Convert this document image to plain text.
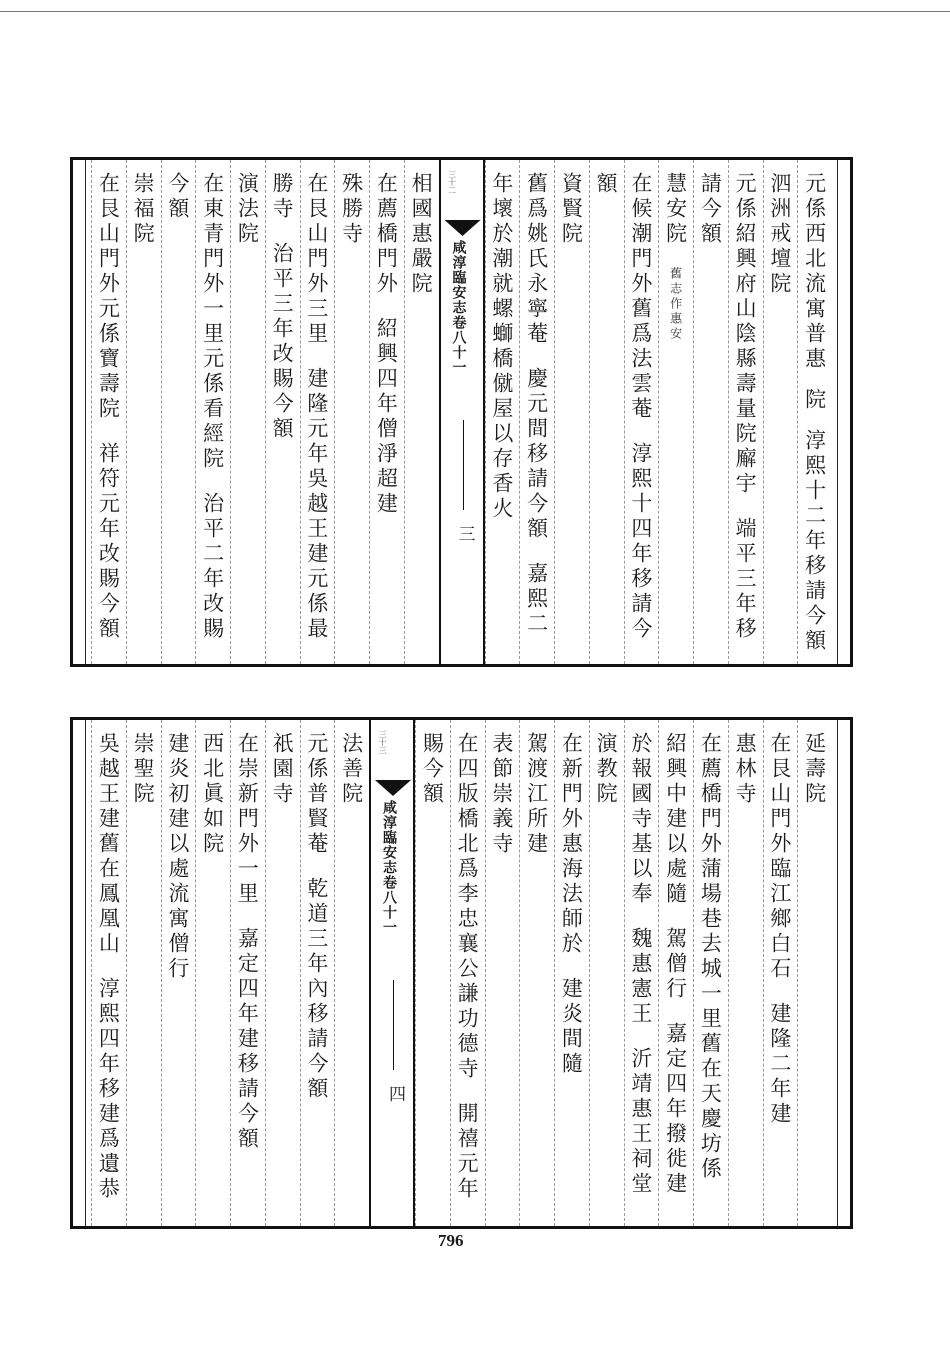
元係西北流寓普惠
院
淳熙十二年移請今額
泗洲戒壇院
元係紹興府山陰縣壽量院廨宇
端平三年移
請今額
慧安院
舊志作惠安
在候潮門外舊爲法雲菴
淳熙十四年移請今
額
資賢院
舊爲姚氏永寧菴
慶元間移請今額
嘉熙二
年壞於潮就螺螄橋僦屋以存香火
三十二
咸淳臨安志卷八十一
三
相國惠嚴院
在薦橋門外
紹興四年僧淨超建
殊勝寺
在艮山門外三里
建隆元年吳越王建元係最
勝寺
治平三年改賜今額
演法院
在東青門外一里元係看經院
治平二年改賜
今額
崇福院
在艮山門外元係寶壽院
祥符元年改賜今額
延壽院
在艮山門外臨江鄉白石
建隆二年建
惠林寺
在薦橋門外蒲場巷去城一里舊在天慶坊係
紹興中建以處隨
駕僧行
嘉定四年撥徙建
於報國寺基以奉
魏惠憲王
沂靖惠王祠堂
演教院
在新門外惠海法師於
建炎間隨
駕渡江所建
表節崇義寺
在四版橋北爲李忠襄公謙功德寺
開禧元年
賜今額
三十三
咸淳臨安志卷八十一
四
法善院
元係普賢菴
乾道三年內移請今額
祇園寺
在崇新門外一里
嘉定四年建移請今額
西北眞如院
建炎初建以處流寓僧行
崇聖院
吳越王建舊在鳳凰山
淳熙四年移建爲遺恭
796
